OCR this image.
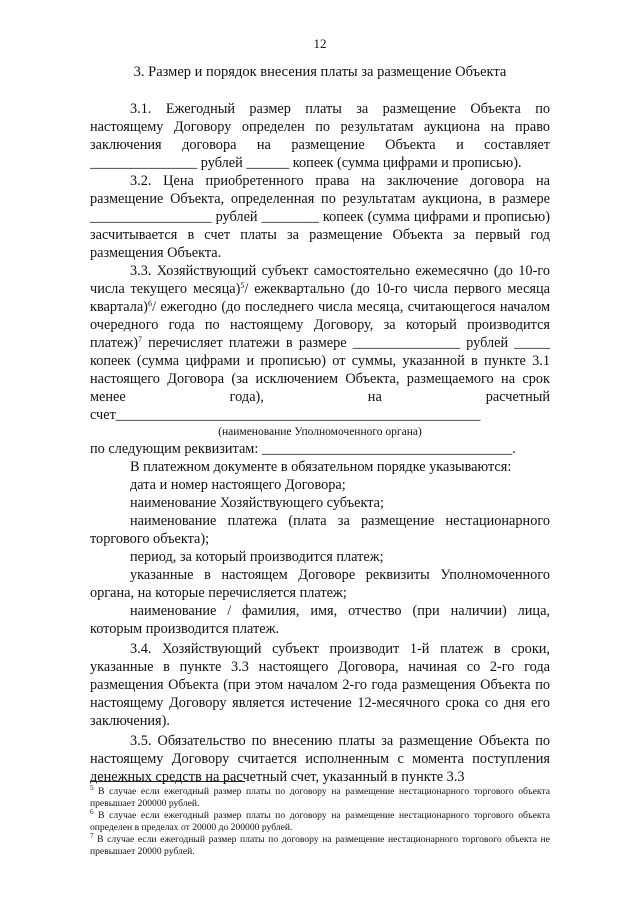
12
3. Размер и порядок внесения платы за размещение Объекта

3.1. Ежегодный размер платы за размещение Объекта по настоящему Договору определен по результатам аукциона на право заключения договора на размещение Объекта и составляет _______________ рублей ______ копеек (сумма цифрами и прописью).

3.2. Цена приобретенного права на заключение договора на размещение Объекта, определенная по результатам аукциона, в размере _________________ рублей ________ копеек (сумма цифрами и прописью) засчитывается в счет платы за размещение Объекта за первый год размещения Объекта.

3.3. Хозяйствующий субъект самостоятельно ежемесячно (до 10-го числа текущего месяца)$^5$/ ежеквартально (до 10-го числа первого месяца квартала)$^6$/ ежегодно (до последнего числа месяца, считающегося началом очередного года по настоящему Договору, за который производится платеж)$^7$ перечисляет платежи в размере _______________ рублей _____ копеек (сумма цифрами и прописью) от суммы, указанной в пункте 3.1 настоящего Договора (за исключением Объекта, размещаемого на срок менее года), на расчетный счет___________________________________________________

(наименование Уполномоченного органа)

по следующим реквизитам: ___________________________________.

В платежном документе в обязательном порядке указываются:

дата и номер настоящего Договора;

наименование Хозяйствующего субъекта;

наименование платежа (плата за размещение нестационарного торгового объекта);

период, за который производится платеж;

указанные в настоящем Договоре реквизиты Уполномоченного органа, на которые перечисляется платеж;

наименование / фамилия, имя, отчество (при наличии) лица, которым производится платеж.

3.4. Хозяйствующий субъект производит 1-й платеж в сроки, указанные в пункте 3.3 настоящего Договора, начиная со 2-го года размещения Объекта (при этом началом 2-го года размещения Объекта по настоящему Договору является истечение 12-месячного срока со дня его заключения).

3.5. Обязательство по внесению платы за размещение Объекта по настоящему Договору считается исполненным с момента поступления денежных средств на расчетный счет, указанный в пункте 3.3

$^5$ В случае если ежегодный размер платы по договору на размещение нестационарного торгового объекта превышает 200000 рублей.
$^6$ В случае если ежегодный размер платы по договору на размещение нестационарного торгового объекта определен в пределах от 20000 до 200000 рублей.
$^7$ В случае если ежегодный размер платы по договору на размещение нестационарного торгового объекта не превышает 20000 рублей.
